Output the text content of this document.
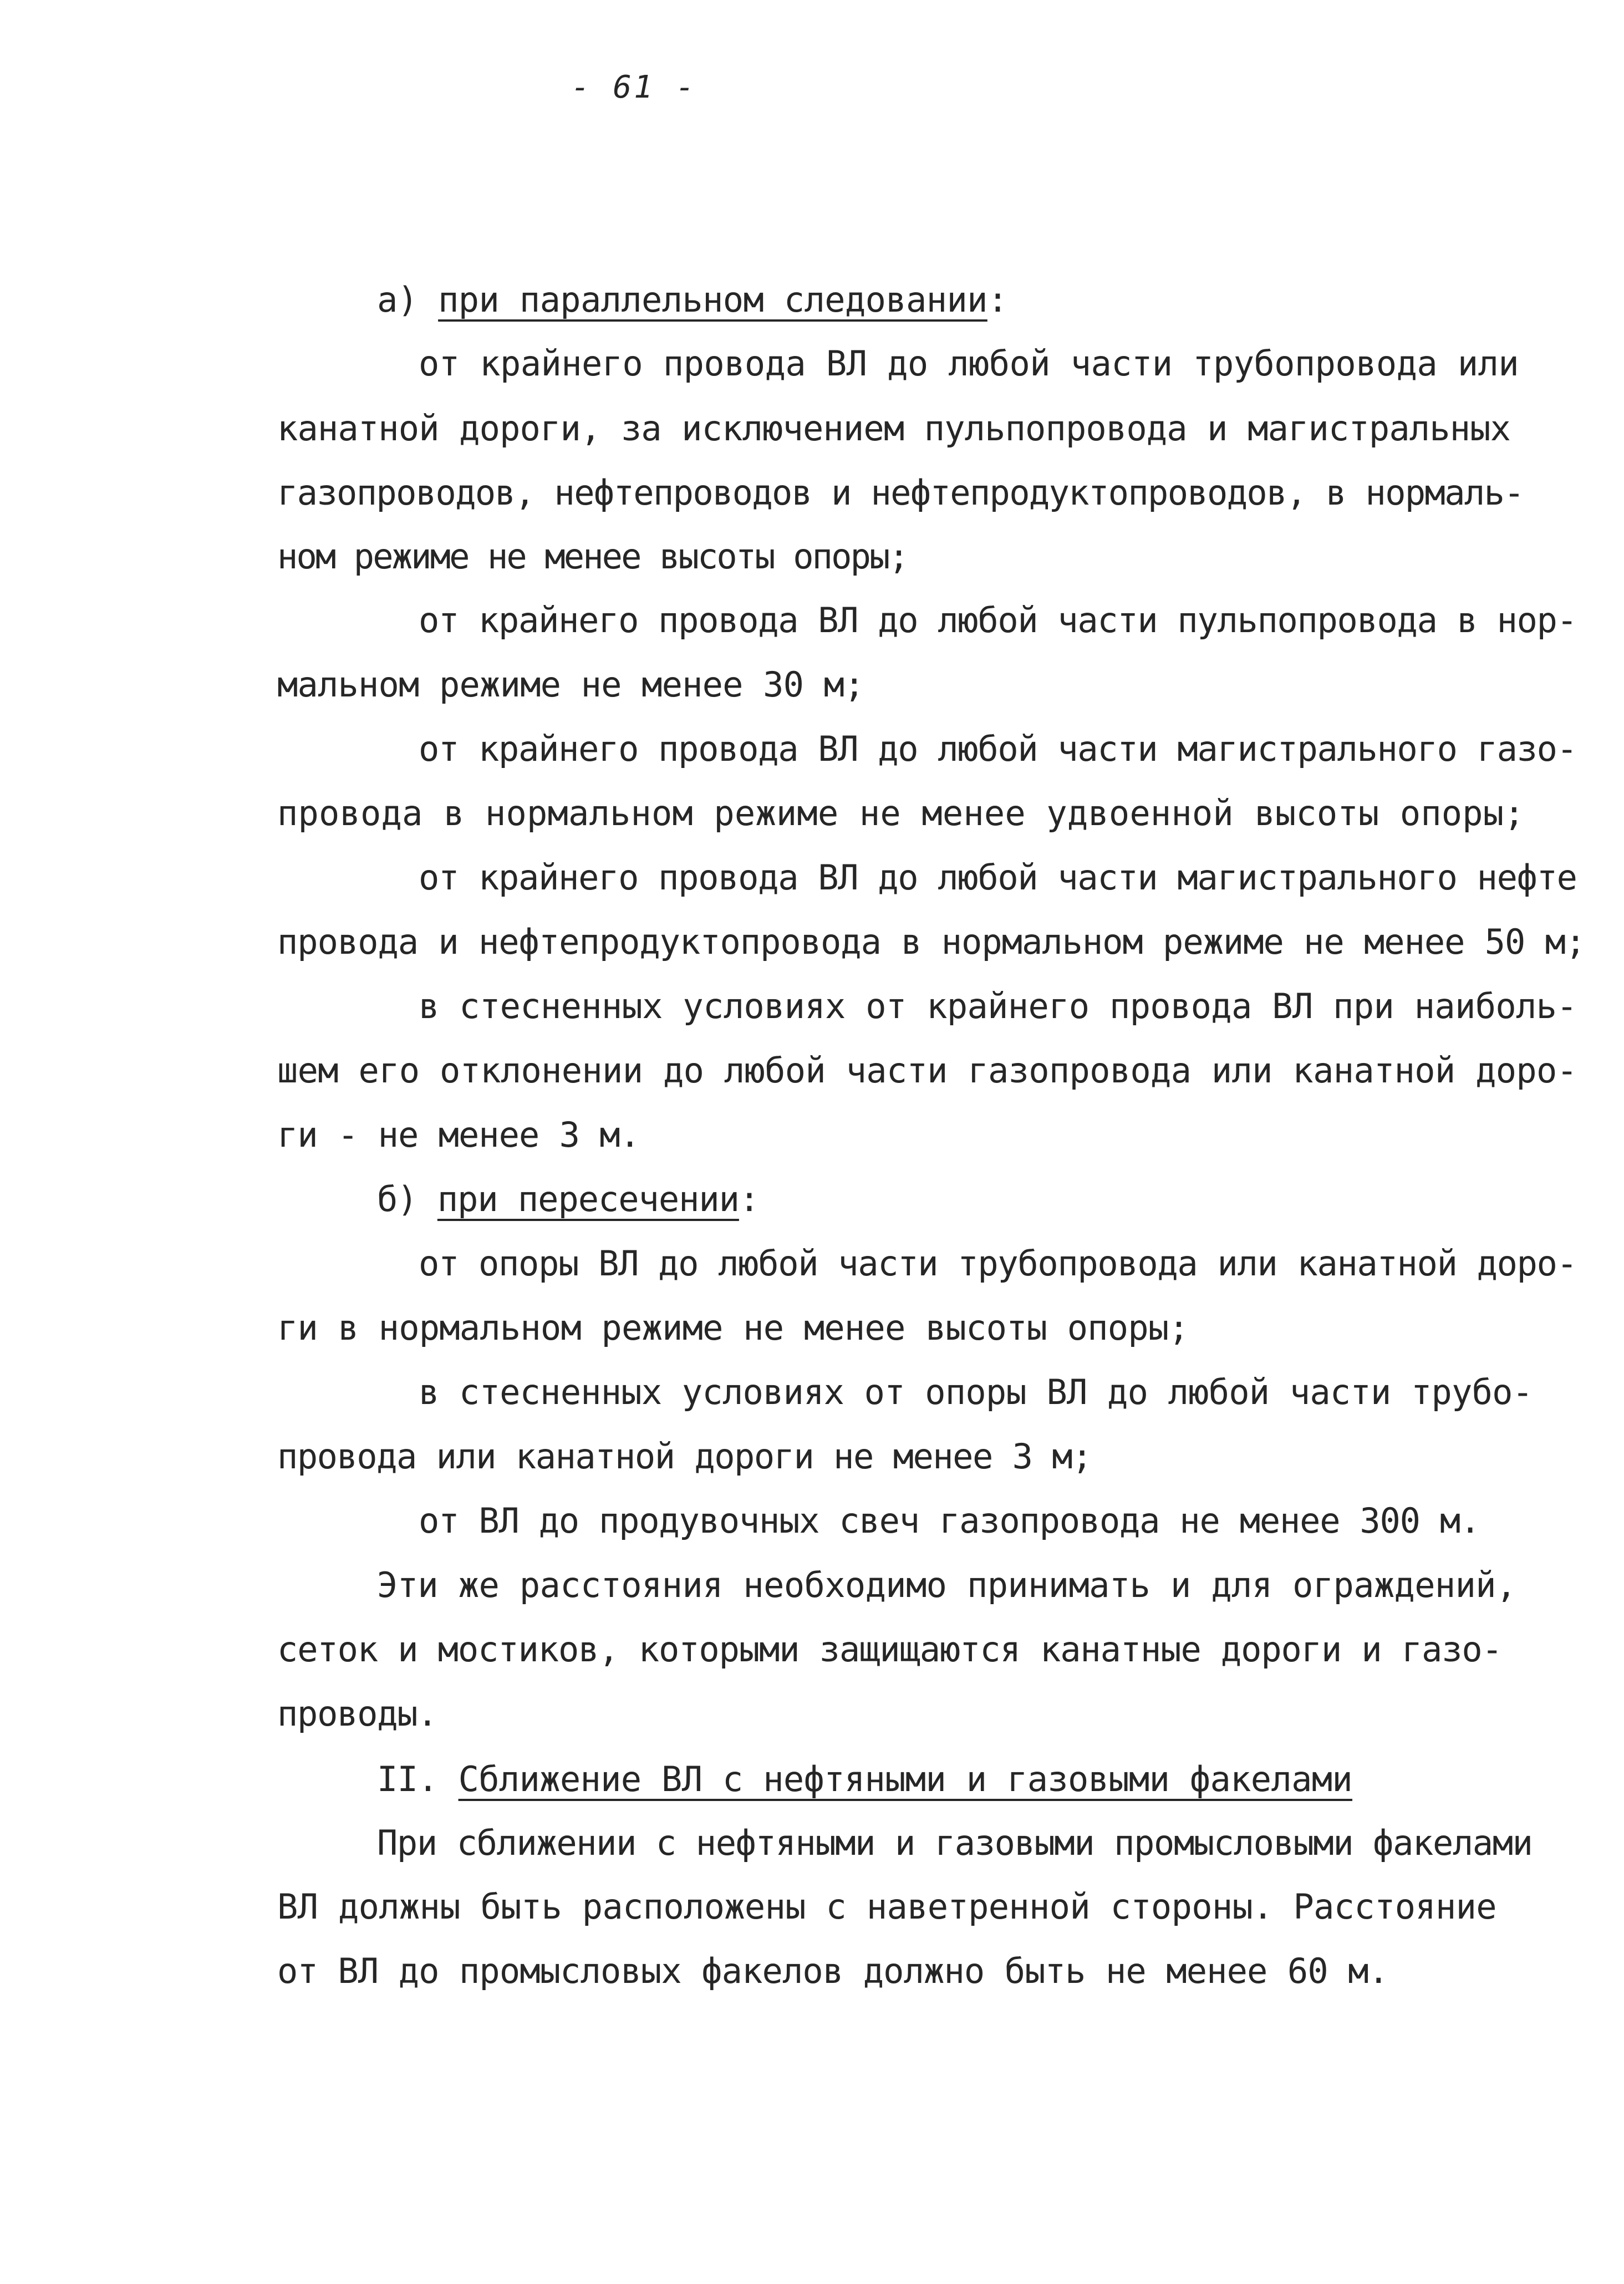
- 61 -
а) при параллельном следовании:
от крайнего провода ВЛ до любой части трубопровода или
канатной дороги, за исключением пульпопровода и магистральных
газопроводов, нефтепроводов и нефтепродуктопроводов, в нормаль-
ном режиме не менее высоты опоры;
от крайнего провода ВЛ до любой части пульпопровода в нор-
мальном режиме не менее 30 м;
от крайнего провода ВЛ до любой части магистрального газо-
провода в нормальном режиме не менее удвоенной высоты опоры;
от крайнего провода ВЛ до любой части магистрального нефте
провода и нефтепродуктопровода в нормальном режиме не менее 50 м;
в стесненных условиях от крайнего провода ВЛ при наиболь-
шем его отклонении до любой части газопровода или канатной доро-
ги - не менее 3 м.
б) при пересечении:
от опоры ВЛ до любой части трубопровода или канатной доро-
ги в нормальном режиме не менее высоты опоры;
в стесненных условиях от опоры ВЛ до любой части трубо-
провода или канатной дороги не менее 3 м;
от ВЛ до продувочных свеч газопровода не менее 300 м.
Эти же расстояния необходимо принимать и для ограждений,
сеток и мостиков, которыми защищаются канатные дороги и газо-
проводы.
II. Сближение ВЛ с нефтяными и газовыми факелами
При сближении с нефтяными и газовыми промысловыми факелами
ВЛ должны быть расположены с наветренной стороны. Расстояние
от ВЛ до промысловых факелов должно быть не менее 60 м.
